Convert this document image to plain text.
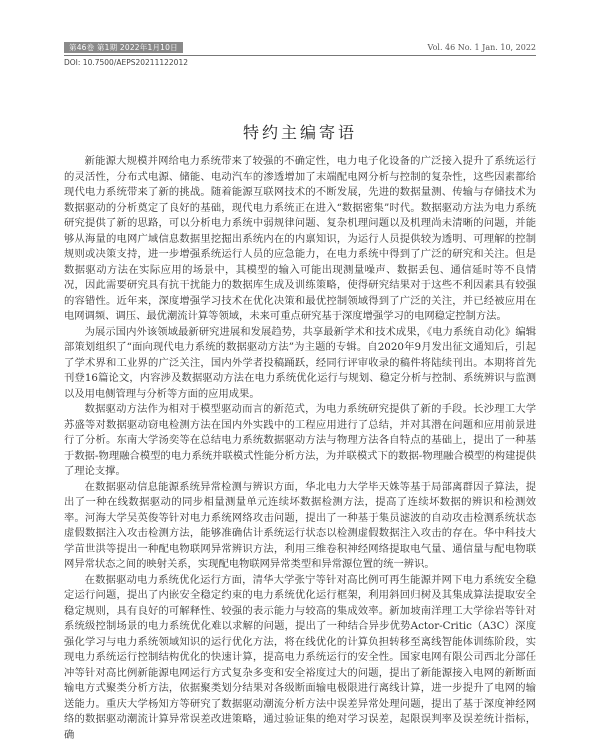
第46卷 第1期 2022年1月10日	Vol. 46 No. 1 Jan. 10, 2022
DOI: 10.7500/AEPS20211122012
特约主编寄语

新能源大规模并网给电力系统带来了较强的不确定性，电力电子化设备的广泛接入提升了系统运行的灵活性，分布式电源、储能、电动汽车的渗透增加了末端配电网分析与控制的复杂性，这些因素都给现代电力系统带来了新的挑战。随着能源互联网技术的不断发展，先进的数据量测、传输与存储技术为数据驱动的分析奠定了良好的基础，现代电力系统正在进入“数据密集”时代。数据驱动方法为电力系统研究提供了新的思路，可以分析电力系统中弱规律问题、复杂机理问题以及机理尚未清晰的问题，并能够从海量的电网广域信息数据里挖掘出系统内在的内禀知识，为运行人员提供较为透明、可理解的控制规则或决策支持，进一步增强系统运行人员的应急能力，在电力系统中得到了广泛的研究和关注。但是数据驱动方法在实际应用的场景中，其模型的输入可能出现测量噪声、数据丢包、通信延时等不良情况，因此需要研究具有抗干扰能力的数据库生成及训练策略，使得研究结果对于这些不利因素具有较强的容错性。近年来，深度增强学习技术在优化决策和最优控制领域得到了广泛的关注，并已经被应用在电网调频、调压、最优潮流计算等领域，未来可重点研究基于深度增强学习的电网稳定控制方法。

为展示国内外该领域最新研究进展和发展趋势，共享最新学术和技术成果，《电力系统自动化》编辑部策划组织了“面向现代电力系统的数据驱动方法”为主题的专辑。自2020年9月发出征文通知后，引起了学术界和工业界的广泛关注，国内外学者投稿踊跃，经同行评审收录的稿件将陆续刊出。本期将首先刊登16篇论文，内容涉及数据驱动方法在电力系统优化运行与规划、稳定分析与控制、系统辨识与监测以及用电侧管理与分析等方面的应用成果。

数据驱动方法作为相对于模型驱动而言的新范式，为电力系统研究提供了新的手段。长沙理工大学苏盛等对数据驱动窃电检测方法在国内外实践中的工程应用进行了总结，并对其潜在问题和应用前景进行了分析。东南大学汤奕等在总结电力系统数据驱动方法与物理方法各自特点的基础上，提出了一种基于数据-物理融合模型的电力系统并联模式性能分析方法，为并联模式下的数据-物理融合模型的构建提供了理论支撑。

在数据驱动信息能源系统异常检测与辨识方面，华北电力大学毕天姝等基于局部离群因子算法，提出了一种在线数据驱动的同步相量测量单元连续坏数据检测方法，提高了连续坏数据的辨识和检测效率。河海大学吴英俊等针对电力系统网络攻击问题，提出了一种基于集员滤波的自动攻击检测系统状态虚假数据注入攻击检测方法，能够准确估计系统运行状态以检测虚假数据注入攻击的存在。华中科技大学苗世洪等提出一种配电物联网异常辨识方法，利用三维卷积神经网络提取电气量、通信量与配电物联网异常状态之间的映射关系，实现配电物联网异常类型和异常源位置的统一辨识。

在数据驱动电力系统优化运行方面，清华大学张宁等针对高比例可再生能源并网下电力系统安全稳定运行问题，提出了内嵌安全稳定约束的电力系统优化运行框架，利用斜回归树及其集成算法提取安全稳定规则，具有良好的可解释性、较强的表示能力与较高的集成效率。新加坡南洋理工大学徐岩等针对系统级控制场景的电力系统优化难以求解的问题，提出了一种结合异步优势Actor-Critic（A3C）深度强化学习与电力系统领域知识的运行优化方法，将在线优化的计算负担转移至离线智能体训练阶段，实现电力系统运行控制结构优化的快速计算，提高电力系统运行的安全性。国家电网有限公司西北分部任冲等针对高比例新能源电网运行方式复杂多变和安全裕度过大的问题，提出了新能源接入电网的新断面输电方式聚类分析方法，依据聚类划分结果对各级断面输电极限进行离线计算，进一步提升了电网的输送能力。重庆大学杨知方等研究了数据驱动潮流分析方法中误差异常处理问题，提出了基于深度神经网络的数据驱动潮流计算异常误差改进策略，通过验证集的绝对学习误差，起限误判率及误差统计指标，确
